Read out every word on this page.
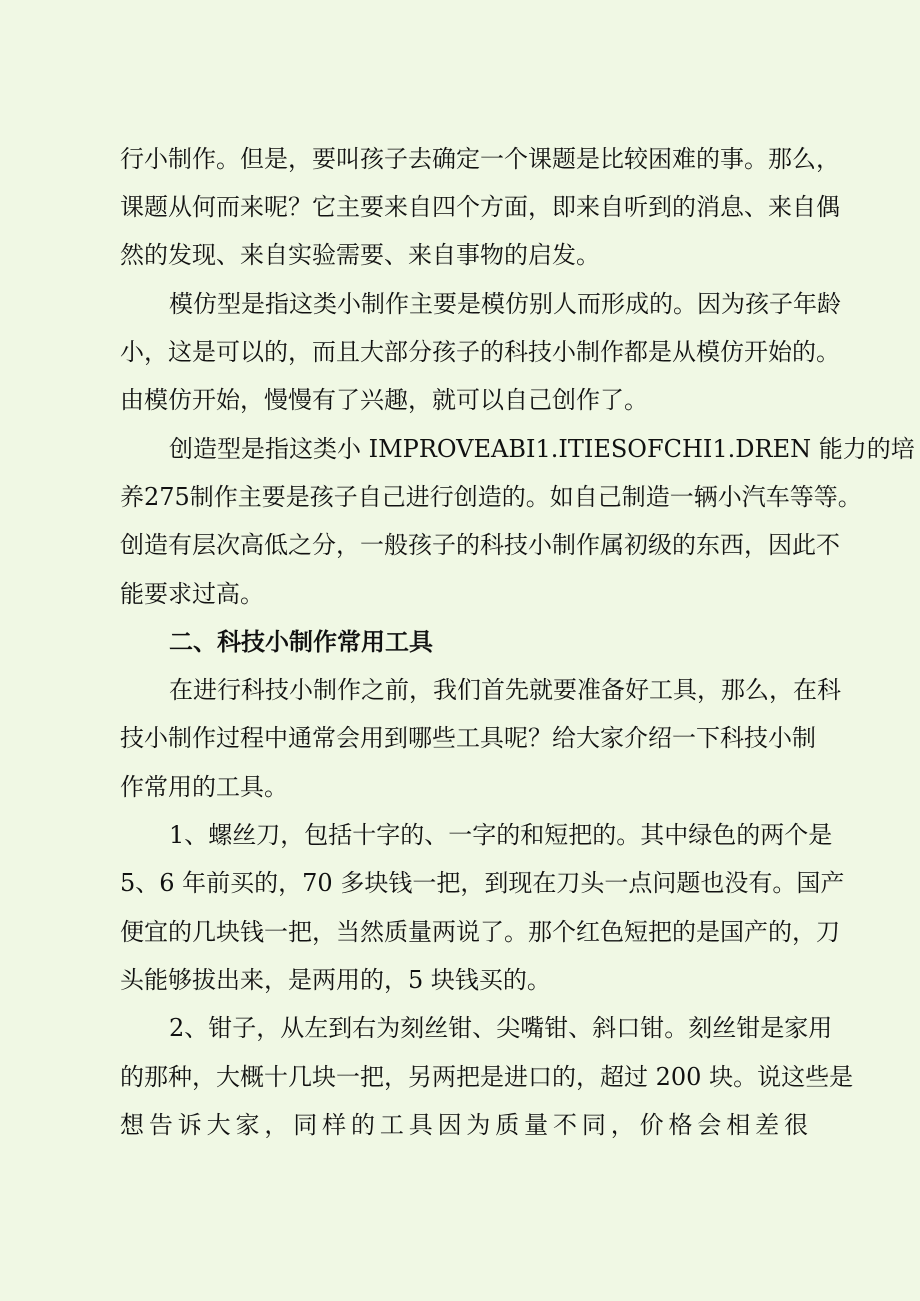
行小制作。但是，要叫孩子去确定一个课题是比较困难的事。那么，
课题从何而来呢？它主要来自四个方面，即来自听到的消息、来自偶
然的发现、来自实验需要、来自事物的启发。
模仿型是指这类小制作主要是模仿别人而形成的。因为孩子年龄
小，这是可以的，而且大部分孩子的科技小制作都是从模仿开始的。
由模仿开始，慢慢有了兴趣，就可以自己创作了。
创造型是指这类小 IMPROVEABI1.ITIESOFCHI1.DREN 能力的培
养275制作主要是孩子自己进行创造的。如自己制造一辆小汽车等等。
创造有层次高低之分，一般孩子的科技小制作属初级的东西，因此不
能要求过高。
二、科技小制作常用工具
在进行科技小制作之前，我们首先就要准备好工具，那么，在科
技小制作过程中通常会用到哪些工具呢？给大家介绍一下科技小制
作常用的工具。
1、螺丝刀，包括十字的、一字的和短把的。其中绿色的两个是
5、6 年前买的，70 多块钱一把，到现在刀头一点问题也没有。国产
便宜的几块钱一把，当然质量两说了。那个红色短把的是国产的，刀
头能够拔出来，是两用的，5 块钱买的。
2、钳子，从左到右为刻丝钳、尖嘴钳、斜口钳。刻丝钳是家用
的那种，大概十几块一把，另两把是进口的，超过 200 块。说这些是
想告诉大家，同样的工具因为质量不同，价格会相差很
